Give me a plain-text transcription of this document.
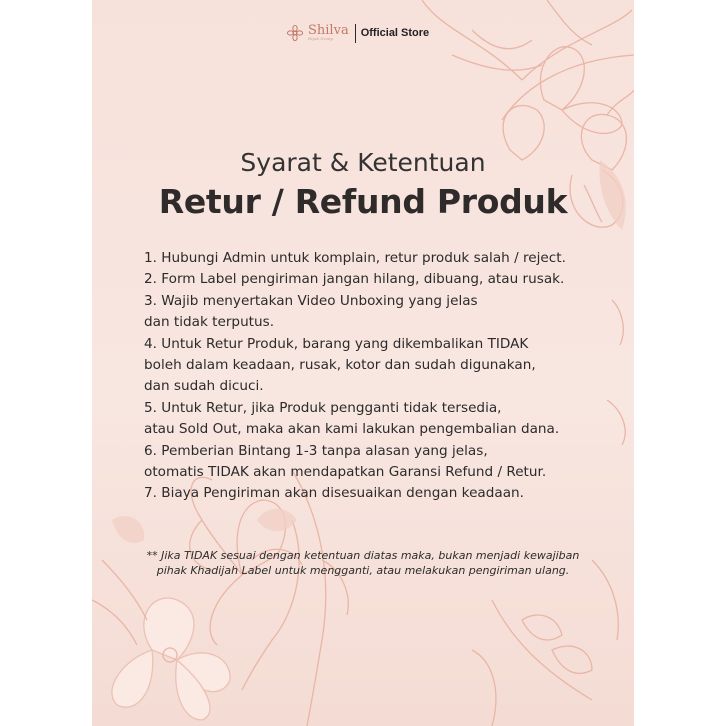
Shilva
Hijab Group
Official Store
Syarat & Ketentuan
Retur / Refund Produk
1. Hubungi Admin untuk komplain, retur produk salah / reject.
2. Form Label pengiriman jangan hilang, dibuang, atau rusak.
3. Wajib menyertakan Video Unboxing yang jelas
dan tidak terputus.
4. Untuk Retur Produk, barang yang dikembalikan TIDAK
boleh dalam keadaan, rusak, kotor dan sudah digunakan,
dan sudah dicuci.
5. Untuk Retur, jika Produk pengganti tidak tersedia,
atau Sold Out, maka akan kami lakukan pengembalian dana.
6. Pemberian Bintang 1-3 tanpa alasan yang jelas,
otomatis TIDAK akan mendapatkan Garansi Refund / Retur.
7. Biaya Pengiriman akan disesuaikan dengan keadaan.
** Jika TIDAK sesuai dengan ketentuan diatas maka, bukan menjadi kewajiban
pihak Khadijah Label untuk mengganti, atau melakukan pengiriman ulang.
